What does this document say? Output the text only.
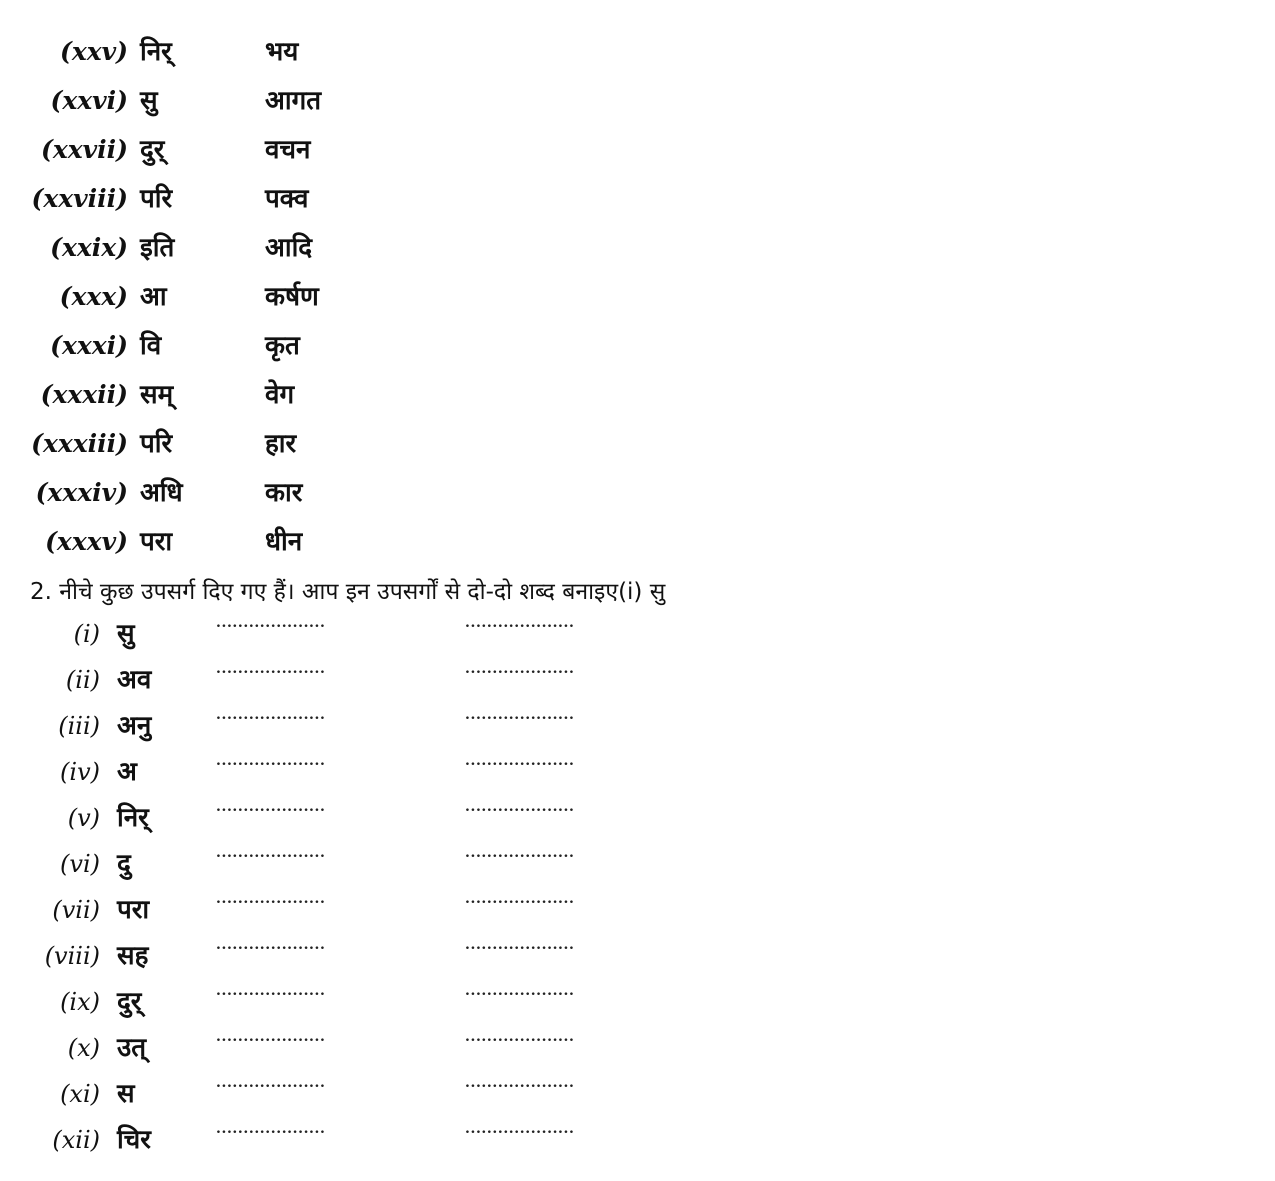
(xxv) निर्	भय
(xxvi) सु	आगत
(xxvii) दुर्	वचन
(xxviii) परि	पक्व
(xxix) इति	आदि
(xxx) आ	कर्षण
(xxxi) वि	कृत
(xxxii) सम्	वेग
(xxxiii) परि	हार
(xxxiv) अधि	कार
(xxxv) परा	धीन
2. नीचे कुछ उपसर्ग दिए गए हैं। आप इन उपसर्गों से दो-दो शब्द बनाइए(i) सु
(i) सु	....................	....................
(ii) अव	....................	....................
(iii) अनु	....................	....................
(iv) अ	....................	....................
(v) निर्	....................	....................
(vi) दु	....................	....................
(vii) परा	....................	....................
(viii) सह	....................	....................
(ix) दुर्	....................	....................
(x) उत्	....................	....................
(xi) स	....................	....................
(xii) चिर	....................	....................
